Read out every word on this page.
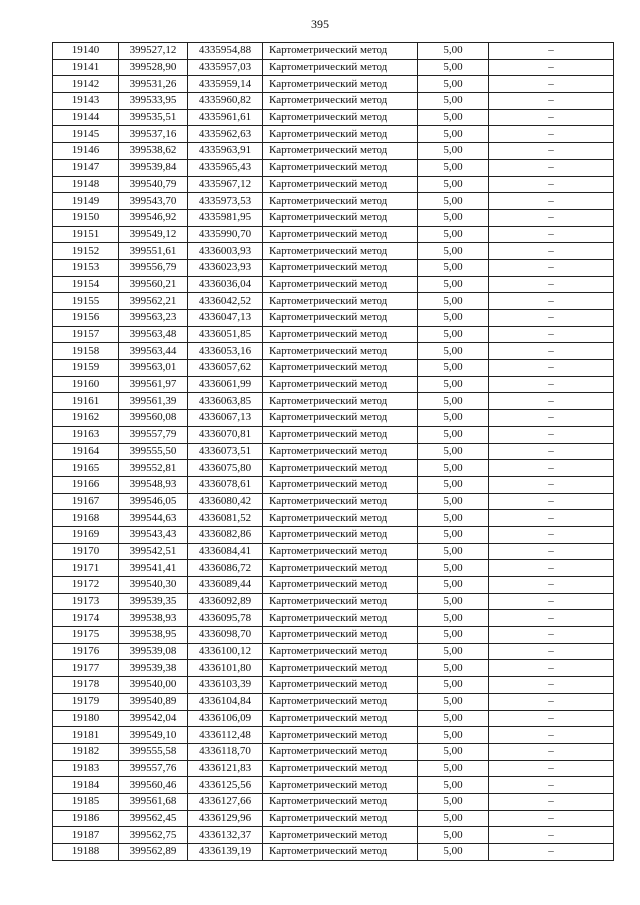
395
19140	399527,12	4335954,88	Картометрический метод	5,00	–
19141	399528,90	4335957,03	Картометрический метод	5,00	–
19142	399531,26	4335959,14	Картометрический метод	5,00	–
19143	399533,95	4335960,82	Картометрический метод	5,00	–
19144	399535,51	4335961,61	Картометрический метод	5,00	–
19145	399537,16	4335962,63	Картометрический метод	5,00	–
19146	399538,62	4335963,91	Картометрический метод	5,00	–
19147	399539,84	4335965,43	Картометрический метод	5,00	–
19148	399540,79	4335967,12	Картометрический метод	5,00	–
19149	399543,70	4335973,53	Картометрический метод	5,00	–
19150	399546,92	4335981,95	Картометрический метод	5,00	–
19151	399549,12	4335990,70	Картометрический метод	5,00	–
19152	399551,61	4336003,93	Картометрический метод	5,00	–
19153	399556,79	4336023,93	Картометрический метод	5,00	–
19154	399560,21	4336036,04	Картометрический метод	5,00	–
19155	399562,21	4336042,52	Картометрический метод	5,00	–
19156	399563,23	4336047,13	Картометрический метод	5,00	–
19157	399563,48	4336051,85	Картометрический метод	5,00	–
19158	399563,44	4336053,16	Картометрический метод	5,00	–
19159	399563,01	4336057,62	Картометрический метод	5,00	–
19160	399561,97	4336061,99	Картометрический метод	5,00	–
19161	399561,39	4336063,85	Картометрический метод	5,00	–
19162	399560,08	4336067,13	Картометрический метод	5,00	–
19163	399557,79	4336070,81	Картометрический метод	5,00	–
19164	399555,50	4336073,51	Картометрический метод	5,00	–
19165	399552,81	4336075,80	Картометрический метод	5,00	–
19166	399548,93	4336078,61	Картометрический метод	5,00	–
19167	399546,05	4336080,42	Картометрический метод	5,00	–
19168	399544,63	4336081,52	Картометрический метод	5,00	–
19169	399543,43	4336082,86	Картометрический метод	5,00	–
19170	399542,51	4336084,41	Картометрический метод	5,00	–
19171	399541,41	4336086,72	Картометрический метод	5,00	–
19172	399540,30	4336089,44	Картометрический метод	5,00	–
19173	399539,35	4336092,89	Картометрический метод	5,00	–
19174	399538,93	4336095,78	Картометрический метод	5,00	–
19175	399538,95	4336098,70	Картометрический метод	5,00	–
19176	399539,08	4336100,12	Картометрический метод	5,00	–
19177	399539,38	4336101,80	Картометрический метод	5,00	–
19178	399540,00	4336103,39	Картометрический метод	5,00	–
19179	399540,89	4336104,84	Картометрический метод	5,00	–
19180	399542,04	4336106,09	Картометрический метод	5,00	–
19181	399549,10	4336112,48	Картометрический метод	5,00	–
19182	399555,58	4336118,70	Картометрический метод	5,00	–
19183	399557,76	4336121,83	Картометрический метод	5,00	–
19184	399560,46	4336125,56	Картометрический метод	5,00	–
19185	399561,68	4336127,66	Картометрический метод	5,00	–
19186	399562,45	4336129,96	Картометрический метод	5,00	–
19187	399562,75	4336132,37	Картометрический метод	5,00	–
19188	399562,89	4336139,19	Картометрический метод	5,00	–
